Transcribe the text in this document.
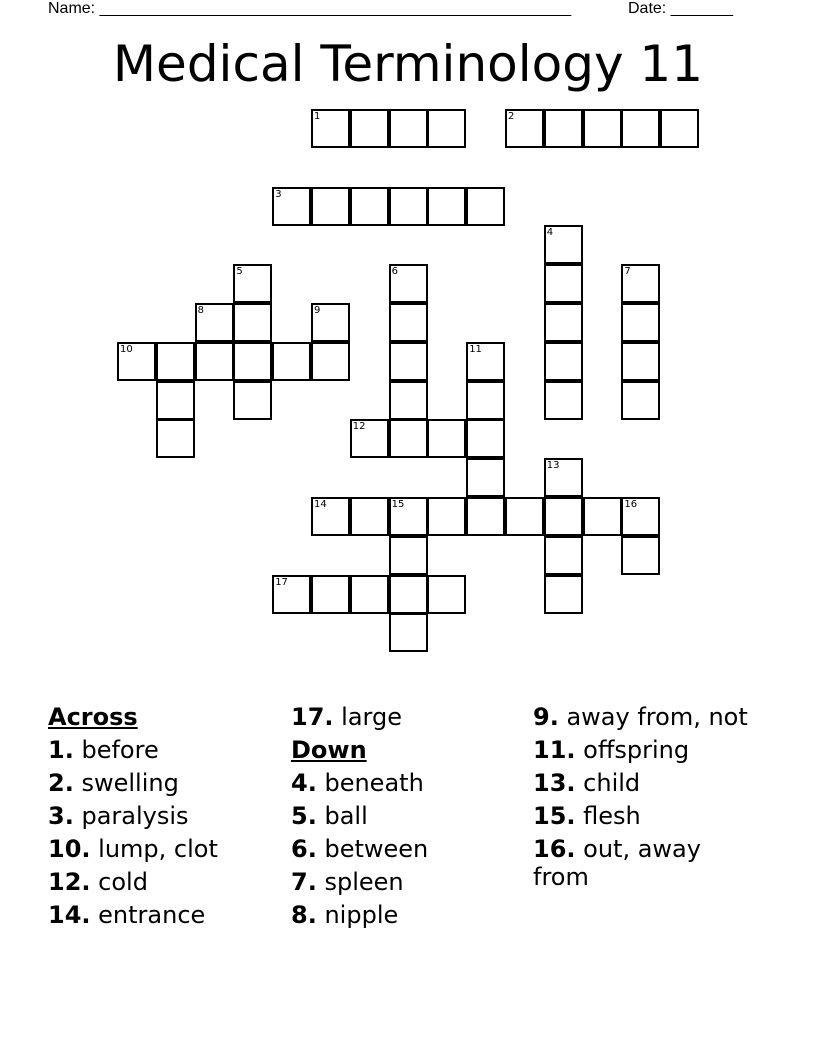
Name: _____________________________________________________	Date: _______
Medical Terminology 11
1	2
3
4
5	6	7
8	9
10	11
12
13
14	15	16
17
Across
1. before
2. swelling
3. paralysis
10. lump, clot
12. cold
14. entrance
17. large
Down
4. beneath
5. ball
6. between
7. spleen
8. nipple
9. away from, not
11. offspring
13. child
15. flesh
16. out, away from
